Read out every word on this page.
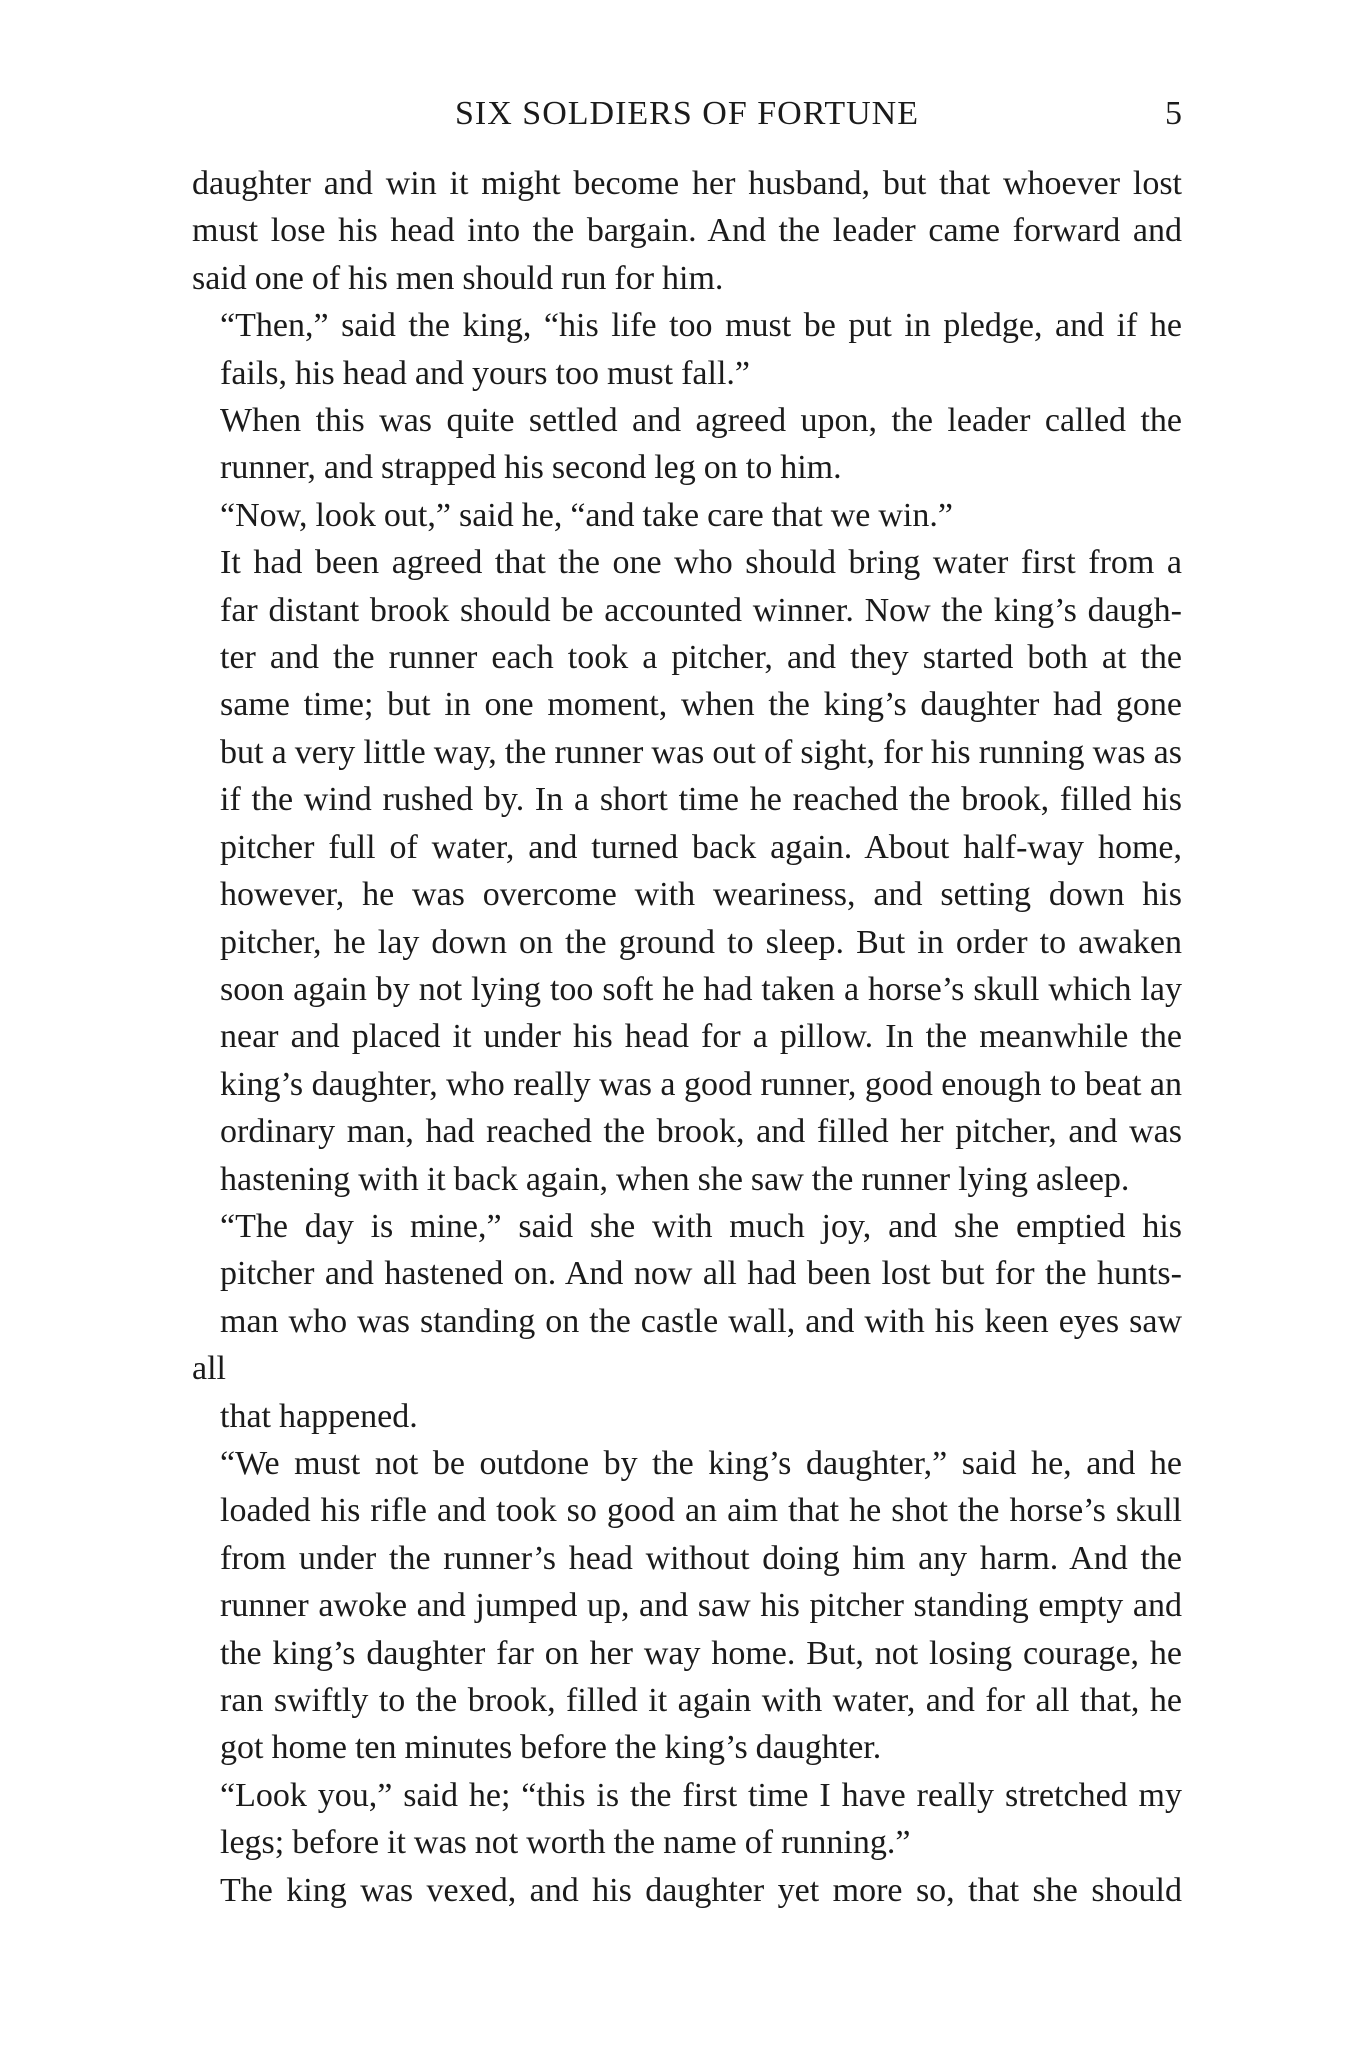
SIX SOLDIERS OF FORTUNE	5
daughter and win it might become her husband, but that whoever lost
must lose his head into the bargain. And the leader came forward and
said one of his men should run for him.
“Then,” said the king, “his life too must be put in pledge, and if he
fails, his head and yours too must fall.”
When this was quite settled and agreed upon, the leader called the
runner, and strapped his second leg on to him.
“Now, look out,” said he, “and take care that we win.”
It had been agreed that the one who should bring water first from a
far distant brook should be accounted winner. Now the king’s daugh-
ter and the runner each took a pitcher, and they started both at the
same time; but in one moment, when the king’s daughter had gone
but a very little way, the runner was out of sight, for his running was as
if the wind rushed by. In a short time he reached the brook, filled his
pitcher full of water, and turned back again. About half-way home,
however, he was overcome with weariness, and setting down his
pitcher, he lay down on the ground to sleep. But in order to awaken
soon again by not lying too soft he had taken a horse’s skull which lay
near and placed it under his head for a pillow. In the meanwhile the
king’s daughter, who really was a good runner, good enough to beat an
ordinary man, had reached the brook, and filled her pitcher, and was
hastening with it back again, when she saw the runner lying asleep.
“The day is mine,” said she with much joy, and she emptied his
pitcher and hastened on. And now all had been lost but for the hunts-
man who was standing on the castle wall, and with his keen eyes saw all
that happened.
“We must not be outdone by the king’s daughter,” said he, and he
loaded his rifle and took so good an aim that he shot the horse’s skull
from under the runner’s head without doing him any harm. And the
runner awoke and jumped up, and saw his pitcher standing empty and
the king’s daughter far on her way home. But, not losing courage, he
ran swiftly to the brook, filled it again with water, and for all that, he
got home ten minutes before the king’s daughter.
“Look you,” said he; “this is the first time I have really stretched my
legs; before it was not worth the name of running.”
The king was vexed, and his daughter yet more so, that she should
